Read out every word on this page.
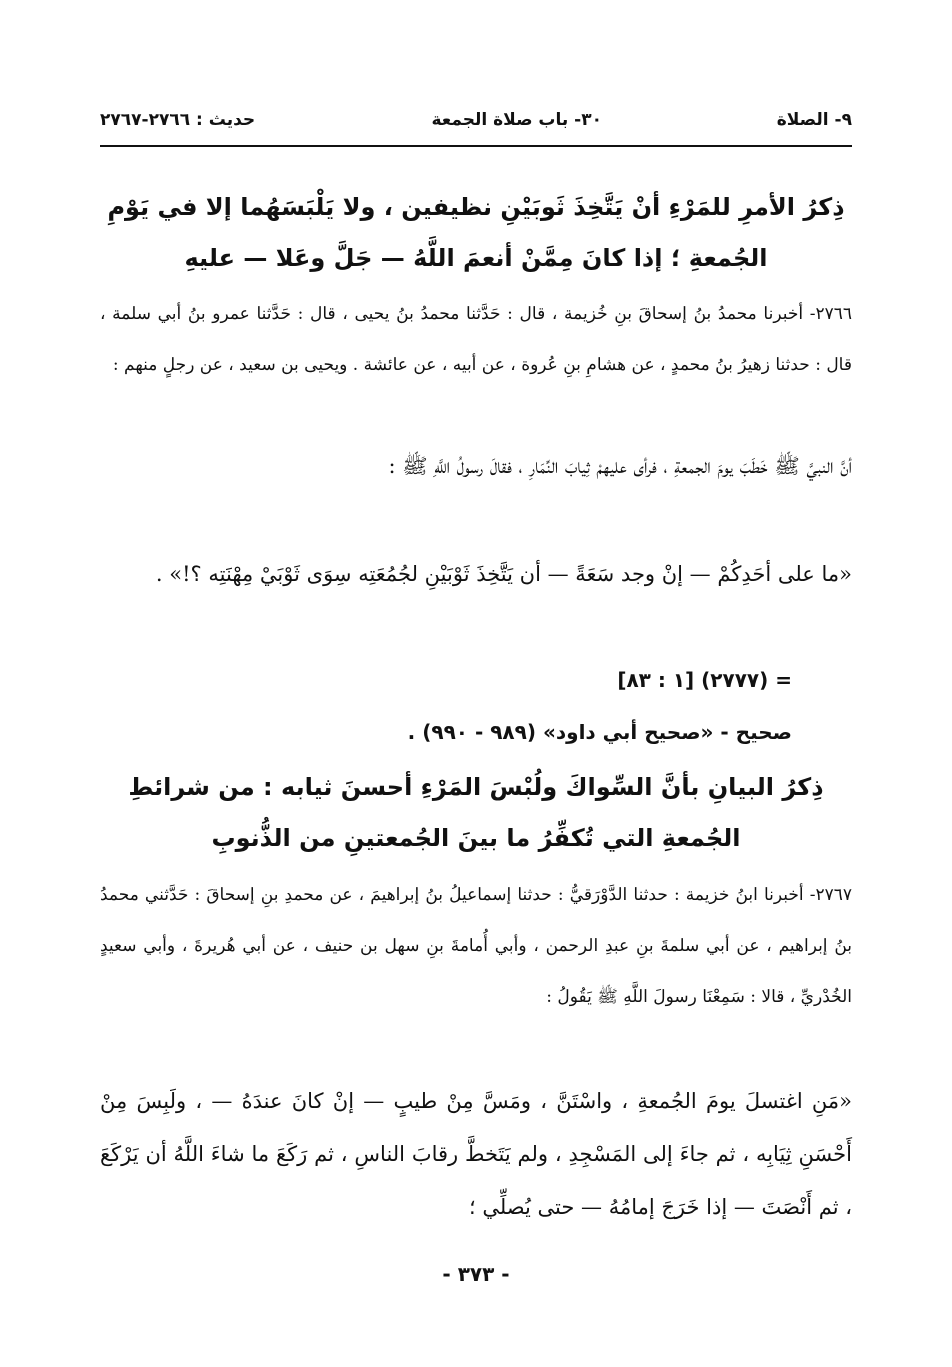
٩- الصلاة
٣٠- باب صلاة الجمعة
حديث : ٢٧٦٦-٢٧٦٧
ذِكرُ الأمرِ للمَرْءِ أنْ يَتَّخِذَ ثَوبَيْنِ نظيفين ، ولا يَلْبَسَهُما إلا في يَوْمِ الجُمعةِ ؛ إذا كانَ مِمَّنْ أنعمَ اللَّهُ — جَلَّ وعَلا — عليهِ
٢٧٦٦- أخبرنا محمدُ بنُ إسحاقَ بنِ خُزيمة ، قال : حَدَّثنا محمدُ بنُ يحيى ، قال : حَدَّثنا عمرو بنُ أبي سلمة ، قال : حدثنا زهيرُ بنُ محمدٍ ، عن هشامِ بنِ عُروة ، عن أبيه ، عن عائشة . ويحيى بن سعيد ، عن رجلٍ منهم :
أنَّ النبيَّ ﷺ خَطَبَ يومَ الجمعةِ ، فرأى عليهمْ ثِيابَ النِّمَارِ ، فقالَ رسولُ اللَّهِ ﷺ :
«ما على أحَدِكُمْ — إنْ وجد سَعَةً — أن يَتَّخِذَ ثَوْبَيْنِ لجُمُعَتِه سِوَى ثَوْبَيْ مِهْنَتِه ؟!» .
= (٢٧٧٧) [١ : ٨٣]
صحيح - «صحيح أبي داود» (٩٨٩ - ٩٩٠) .
ذِكرُ البيانِ بأنَّ السِّواكَ ولُبْسَ المَرْءِ أحسنَ ثيابه : من شرائطِ الجُمعةِ التي تُكفِّرُ ما بينَ الجُمعتينِ من الذُّنوبِ
٢٧٦٧- أخبرنا ابنُ خزيمة : حدثنا الدَّوْرَقيُّ : حدثنا إسماعيلُ بنُ إبراهيمَ ، عن محمدِ بنِ إسحاقَ : حَدَّثني محمدُ بنُ إبراهيم ، عن أبي سلمةَ بنِ عبدِ الرحمن ، وأبي أُمامةَ بنِ سهل بن حنيف ، عن أبي هُريرةَ ، وأبي سعيدٍ الخُدْريِّ ، قالا : سَمِعْنَا رسولَ اللَّهِ ﷺ يَقُولُ :
«مَنِ اغتسلَ يومَ الجُمعةِ ، واسْتَنَّ ، ومَسَّ مِنْ طيبٍ — إنْ كانَ عندَهُ — ، ولَبِسَ مِنْ أَحْسَنِ ثِيَابِه ، ثم جاءَ إلى المَسْجِدِ ، ولم يَتَخطَّ رقابَ الناسِ ، ثم رَكَعَ ما شاءَ اللَّهُ أن يَرْكَعَ ، ثم أَنْصَتَ — إذا خَرَجَ إمامُهُ — حتى يُصلِّي ؛
- ٣٧٣ -
